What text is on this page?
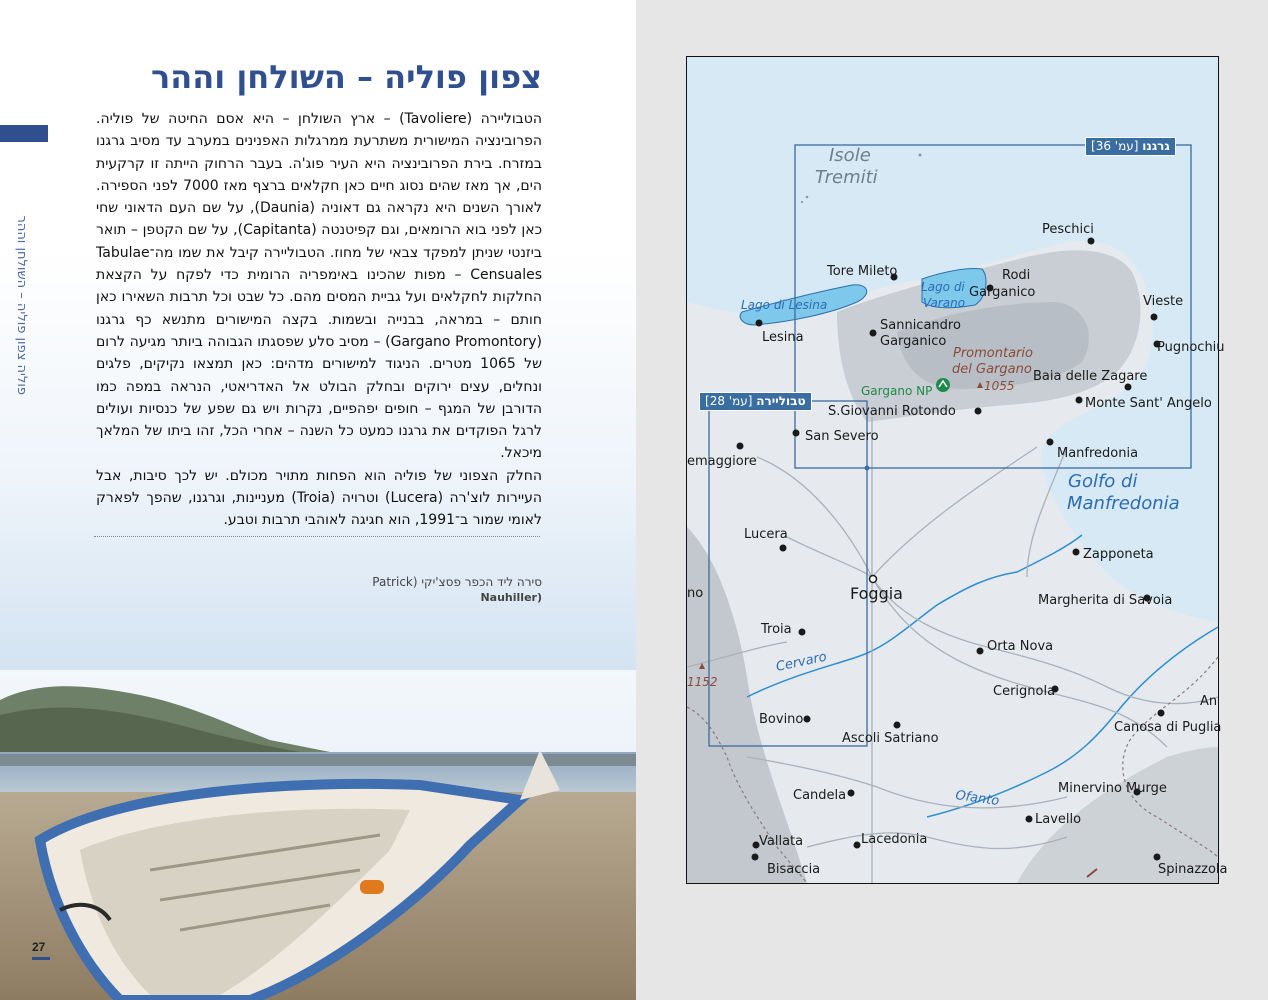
פוליה צפון פוליה – השולחן וההר
צפון פוליה – השולחן וההר

הטבוליירה (Tavoliere) – ארץ השולחן – היא אסם החיטה של פוליה. הפרובינציה המישורית משתרעת ממרגלות האפנינים במערב עד מסיב גרגנו במזרח. בירת הפרובינציה היא העיר פוג'ה. בעבר הרחוק הייתה זו קרקעית הים, אך מאז שהים נסוג חיים כאן חקלאים ברצף מאז 7000 לפני הספירה. לאורך השנים היא נקראה גם דאוניה (Daunia), על שם העם הדאוני שחי כאן לפני בוא הרומאים, וגם קפיטנטה (Capitanta), על שם הקטפן – תואר ביזנטי שניתן למפקד צבאי של מחוז. הטבוליירה קיבל את שמו מה־Tabulae Censuales – מפות שהכינו באימפריה הרומית כדי לפקח על הקצאת החלקות לחקלאים ועל גביית המסים מהם. כל שבט וכל תרבות השאירו כאן חותם – במראה, בבנייה ובשמות. בקצה המישורים מתנשא כף גרגנו (Gargano Promontory) – מסיב סלע שפסגתו הגבוהה ביותר מגיעה לרום של 1065 מטרים. הניגוד למישורים מדהים: כאן תמצאו נקיקים, פלגים ונחלים, עצים ירוקים ובחלק הבולט אל האדריאטי, הנראה במפה כמו הדורבן של המגף – חופים יפהפיים, נקרות ויש גם שפע של כנסיות ועולים לרגל הפוקדים את גרגנו כמעט כל השנה – אחרי הכל, זהו ביתו של המלאך מיכאל.

החלק הצפוני של פוליה הוא הפחות מתויר מכולם. יש לכך סיבות, אבל העיירות לוצ'רה (Lucera) וטרויה (Troia) מעניינות, וגרגנו, שהפך לפארק לאומי שמור ב־1991, הוא חגיגה לאוהבי תרבות וטבע.

סירה ליד הכפר פסצ'יקי (Patrick
(Nauhiller
27
Isole
Tremiti
Peschici
Tore Mileto
Lago di
Varano
Rodi
Garganico
Vieste
Lago di Lesina
Lesina
Sannicandro
Garganico
Promontario
del Gargano
1055
Pugnochiu
Gargano NP
Baia delle Zagare
S.Giovanni Rotondo
Monte Sant' Angelo
San Severo
emaggiore
Manfredonia
Golfo di
Manfredonia
Lucera
Zapponeta
no	Foggia	Margherita di Savoia
Troia
Orta Nova
Cervaro
1152
Cerignola
An
Bovino
Ascoli Satriano
Canosa di Puglia
Ofanto
Candela	Minervino Murge
Lavello
Vallata	Lacedonia
Bisaccia	Spinazzola
גרגנו [עמ' 36]
טבוליירה [עמ' 28]
